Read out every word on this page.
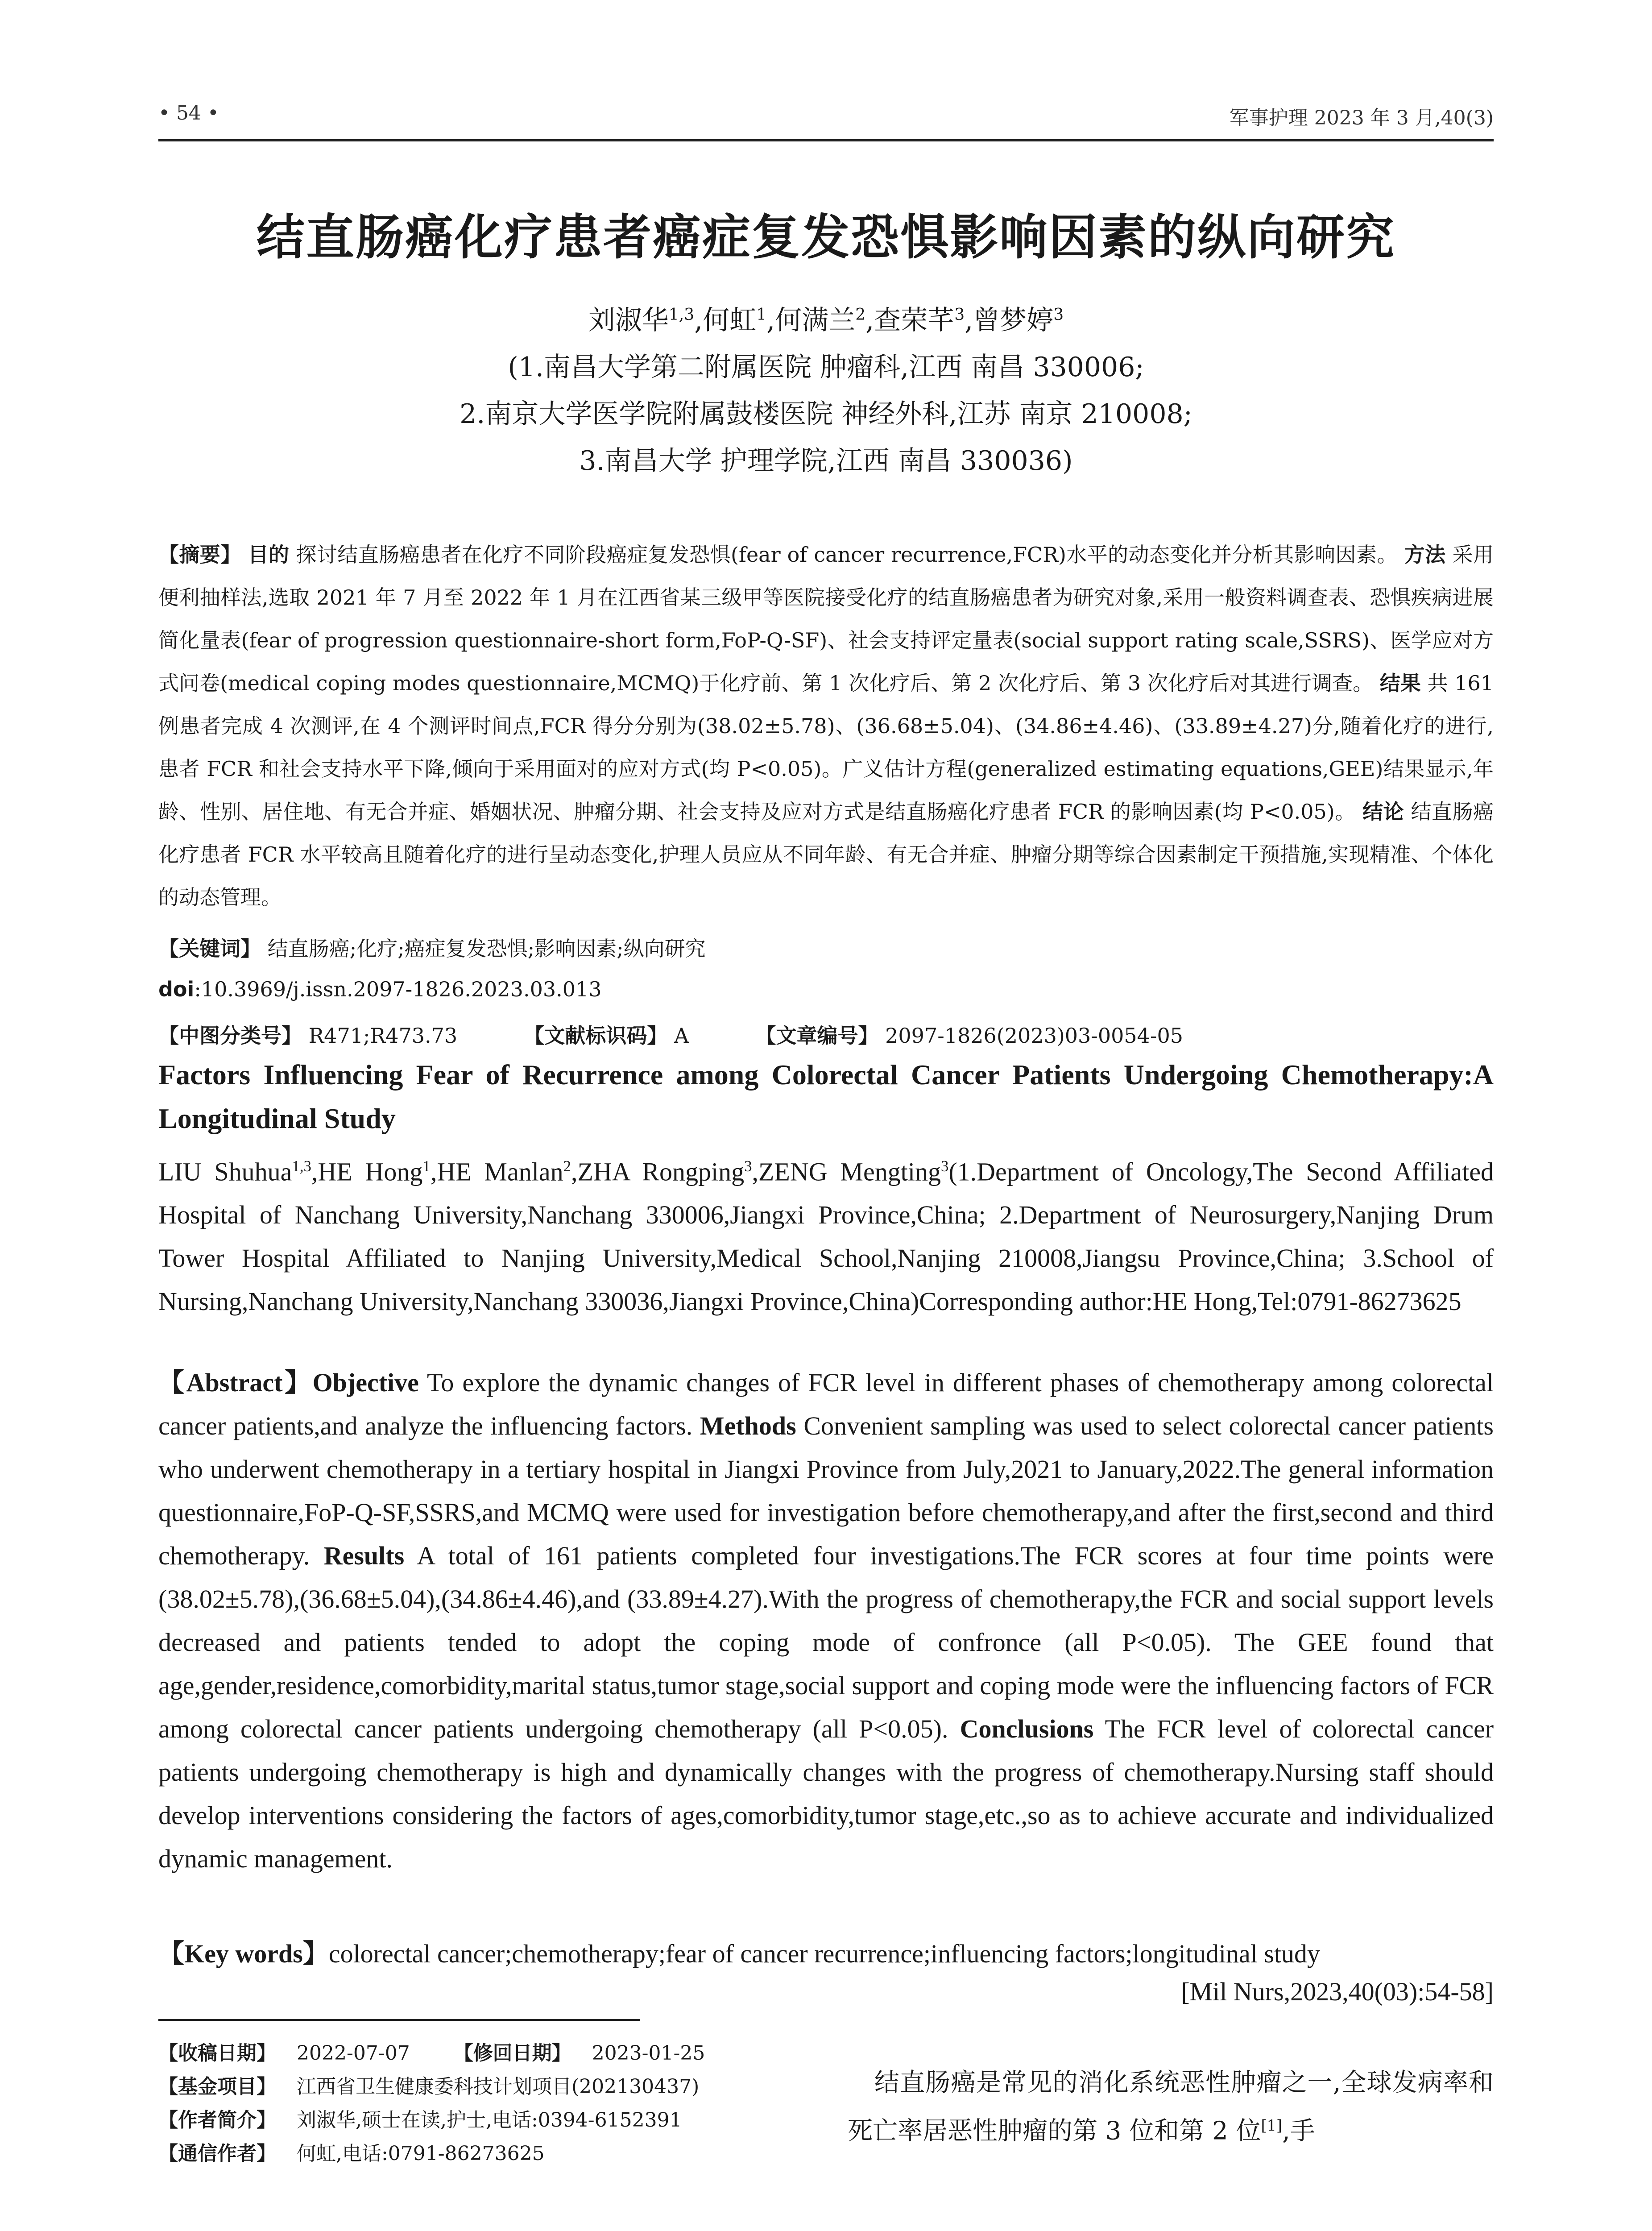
• 54 •	军事护理 2023 年 3 月,40(3)
结直肠癌化疗患者癌症复发恐惧影响因素的纵向研究
刘淑华$^{1,3}$,何虹$^1$,何满兰$^2$,查荣芊$^3$,曾梦婷$^3$
(1.南昌大学第二附属医院 肿瘤科,江西 南昌 330006;
2.南京大学医学院附属鼓楼医院 神经外科,江苏 南京 210008;
3.南昌大学 护理学院,江西 南昌 330036)
【摘要】 目的 探讨结直肠癌患者在化疗不同阶段癌症复发恐惧(fear of cancer recurrence,FCR)水平的动态变化并分析其影响因素。 方法 采用便利抽样法,选取 2021 年 7 月至 2022 年 1 月在江西省某三级甲等医院接受化疗的结直肠癌患者为研究对象,采用一般资料调查表、恐惧疾病进展简化量表(fear of progression questionnaire-short form,FoP-Q-SF)、社会支持评定量表(social support rating scale,SSRS)、医学应对方式问卷(medical coping modes questionnaire,MCMQ)于化疗前、第 1 次化疗后、第 2 次化疗后、第 3 次化疗后对其进行调查。 结果 共 161 例患者完成 4 次测评,在 4 个测评时间点,FCR 得分分别为(38.02±5.78)、(36.68±5.04)、(34.86±4.46)、(33.89±4.27)分,随着化疗的进行,患者 FCR 和社会支持水平下降,倾向于采用面对的应对方式(均 P<0.05)。广义估计方程(generalized estimating equations,GEE)结果显示,年龄、性别、居住地、有无合并症、婚姻状况、肿瘤分期、社会支持及应对方式是结直肠癌化疗患者 FCR 的影响因素(均 P<0.05)。 结论 结直肠癌化疗患者 FCR 水平较高且随着化疗的进行呈动态变化,护理人员应从不同年龄、有无合并症、肿瘤分期等综合因素制定干预措施,实现精准、个体化的动态管理。
【关键词】 结直肠癌;化疗;癌症复发恐惧;影响因素;纵向研究
doi:10.3969/j.issn.2097-1826.2023.03.013
【中图分类号】 R471;R473.73	【文献标识码】 A	【文章编号】 2097-1826(2023)03-0054-05
Factors Influencing Fear of Recurrence among Colorectal Cancer Patients Undergoing Chemotherapy:A Longitudinal Study
LIU Shuhua$^{1,3}$,HE Hong$^1$,HE Manlan$^2$,ZHA Rongping$^3$,ZENG Mengting$^3$(1.Department of Oncology,The Second Affiliated Hospital of Nanchang University,Nanchang 330006,Jiangxi Province,China; 2.Department of Neurosurgery,Nanjing Drum Tower Hospital Affiliated to Nanjing University,Medical School,Nanjing 210008,Jiangsu Province,China; 3.School of Nursing,Nanchang University,Nanchang 330036,Jiangxi Province,China)Corresponding author:HE Hong,Tel:0791-86273625
【Abstract】Objective To explore the dynamic changes of FCR level in different phases of chemotherapy among colorectal cancer patients,and analyze the influencing factors. Methods Convenient sampling was used to select colorectal cancer patients who underwent chemotherapy in a tertiary hospital in Jiangxi Province from July,2021 to January,2022.The general information questionnaire,FoP-Q-SF,SSRS,and MCMQ were used for investigation before chemotherapy,and after the first,second and third chemotherapy. Results A total of 161 patients completed four investigations.The FCR scores at four time points were (38.02±5.78),(36.68±5.04),(34.86±4.46),and (33.89±4.27).With the progress of chemotherapy,the FCR and social support levels decreased and patients tended to adopt the coping mode of confronce (all P<0.05). The GEE found that age,gender,residence,comorbidity,marital status,tumor stage,social support and coping mode were the influencing factors of FCR among colorectal cancer patients undergoing chemotherapy (all P<0.05). Conclusions The FCR level of colorectal cancer patients undergoing chemotherapy is high and dynamically changes with the progress of chemotherapy.Nursing staff should develop interventions considering the factors of ages,comorbidity,tumor stage,etc.,so as to achieve accurate and individualized dynamic management.
【Key words】colorectal cancer;chemotherapy;fear of cancer recurrence;influencing factors;longitudinal study
[Mil Nurs,2023,40(03):54-58]
【收稿日期】 2022-07-07 【修回日期】 2023-01-25
【基金项目】 江西省卫生健康委科技计划项目(202130437)
【作者简介】 刘淑华,硕士在读,护士,电话:0394-6152391
【通信作者】 何虹,电话:0791-86273625
结直肠癌是常见的消化系统恶性肿瘤之一,全球发病率和死亡率居恶性肿瘤的第 3 位和第 2 位[1],手
